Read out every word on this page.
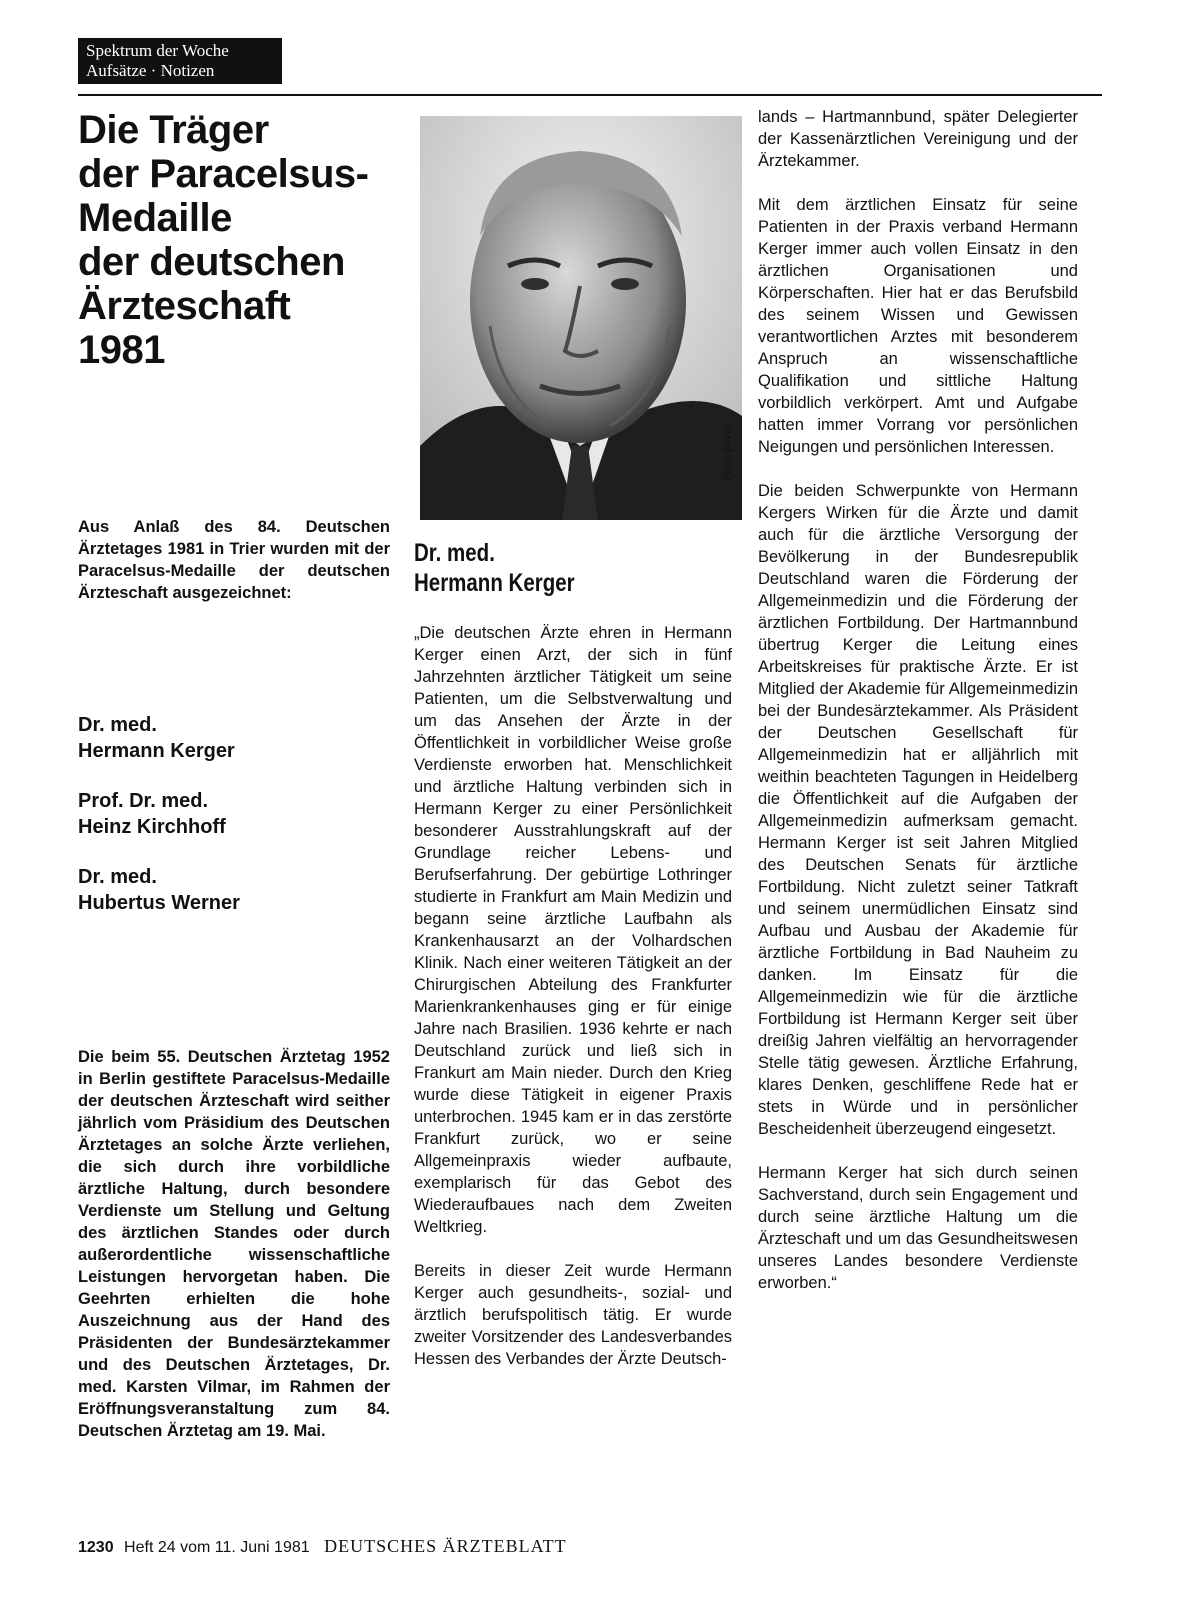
Spektrum der Woche
Aufsätze · Notizen
Die Träger
der Paracelsus-
Medaille
der deutschen
Ärzteschaft
1981
Foto: privat
Aus Anlaß des 84. Deutschen Ärztetages 1981 in Trier wurden mit der Paracelsus-Medaille der deutschen Ärzteschaft ausgezeichnet:
Dr. med.
Hermann Kerger
Prof. Dr. med.
Heinz Kirchhoff
Dr. med.
Hubertus Werner
Die beim 55. Deutschen Ärztetag 1952 in Berlin gestiftete Paracelsus-Medaille der deutschen Ärzteschaft wird seither jährlich vom Präsidium des Deutschen Ärztetages an solche Ärzte verliehen, die sich durch ihre vorbildliche ärztliche Haltung, durch besondere Verdienste um Stellung und Geltung des ärztlichen Standes oder durch außerordentliche wissenschaftliche Leistungen hervorgetan haben. Die Geehrten erhielten die hohe Auszeichnung aus der Hand des Präsidenten der Bundesärztekammer und des Deutschen Ärztetages, Dr. med. Karsten Vilmar, im Rahmen der Eröffnungsveranstaltung zum 84. Deutschen Ärztetag am 19. Mai.
Dr. med.
Hermann Kerger

„Die deutschen Ärzte ehren in Hermann Kerger einen Arzt, der sich in fünf Jahrzehnten ärztlicher Tätigkeit um seine Patienten, um die Selbstverwaltung und um das Ansehen der Ärzte in der Öffentlichkeit in vorbildlicher Weise große Verdienste erworben hat. Menschlichkeit und ärztliche Haltung verbinden sich in Hermann Kerger zu einer Persönlichkeit besonderer Ausstrahlungskraft auf der Grundlage reicher Lebens- und Berufserfahrung. Der gebürtige Lothringer studierte in Frankfurt am Main Medizin und begann seine ärztliche Laufbahn als Krankenhausarzt an der Volhardschen Klinik. Nach einer weiteren Tätigkeit an der Chirurgischen Abteilung des Frankfurter Marienkrankenhauses ging er für einige Jahre nach Brasilien. 1936 kehrte er nach Deutschland zurück und ließ sich in Frankurt am Main nieder. Durch den Krieg wurde diese Tätigkeit in eigener Praxis unterbrochen. 1945 kam er in das zerstörte Frankfurt zurück, wo er seine Allgemeinpraxis wieder aufbaute, exemplarisch für das Gebot des Wiederaufbaues nach dem Zweiten Weltkrieg.

Bereits in dieser Zeit wurde Hermann Kerger auch gesundheits-, sozial- und ärztlich berufspolitisch tätig. Er wurde zweiter Vorsitzender des Landesverbandes Hessen des Verbandes der Ärzte Deutsch-

lands – Hartmannbund, später Delegierter der Kassenärztlichen Vereinigung und der Ärztekammer.

Mit dem ärztlichen Einsatz für seine Patienten in der Praxis verband Hermann Kerger immer auch vollen Einsatz in den ärztlichen Organisationen und Körperschaften. Hier hat er das Berufsbild des seinem Wissen und Gewissen verantwortlichen Arztes mit besonderem Anspruch an wissenschaftliche Qualifikation und sittliche Haltung vorbildlich verkörpert. Amt und Aufgabe hatten immer Vorrang vor persönlichen Neigungen und persönlichen Interessen.

Die beiden Schwerpunkte von Hermann Kergers Wirken für die Ärzte und damit auch für die ärztliche Versorgung der Bevölkerung in der Bundesrepublik Deutschland waren die Förderung der Allgemeinmedizin und die Förderung der ärztlichen Fortbildung. Der Hartmannbund übertrug Kerger die Leitung eines Arbeitskreises für praktische Ärzte. Er ist Mitglied der Akademie für Allgemeinmedizin bei der Bundesärztekammer. Als Präsident der Deutschen Gesellschaft für Allgemeinmedizin hat er alljährlich mit weithin beachteten Tagungen in Heidelberg die Öffentlichkeit auf die Aufgaben der Allgemeinmedizin aufmerksam gemacht. Hermann Kerger ist seit Jahren Mitglied des Deutschen Senats für ärztliche Fortbildung. Nicht zuletzt seiner Tatkraft und seinem unermüdlichen Einsatz sind Aufbau und Ausbau der Akademie für ärztliche Fortbildung in Bad Nauheim zu danken. Im Einsatz für die Allgemeinmedizin wie für die ärztliche Fortbildung ist Hermann Kerger seit über dreißig Jahren vielfältig an hervorragender Stelle tätig gewesen. Ärztliche Erfahrung, klares Denken, geschliffene Rede hat er stets in Würde und in persönlicher Bescheidenheit überzeugend eingesetzt.

Hermann Kerger hat sich durch seinen Sachverstand, durch sein Engagement und durch seine ärztliche Haltung um die Ärzteschaft und um das Gesundheitswesen unseres Landes besondere Verdienste erworben.“

1230 Heft 24 vom 11. Juni 1981 DEUTSCHES ÄRZTEBLATT
